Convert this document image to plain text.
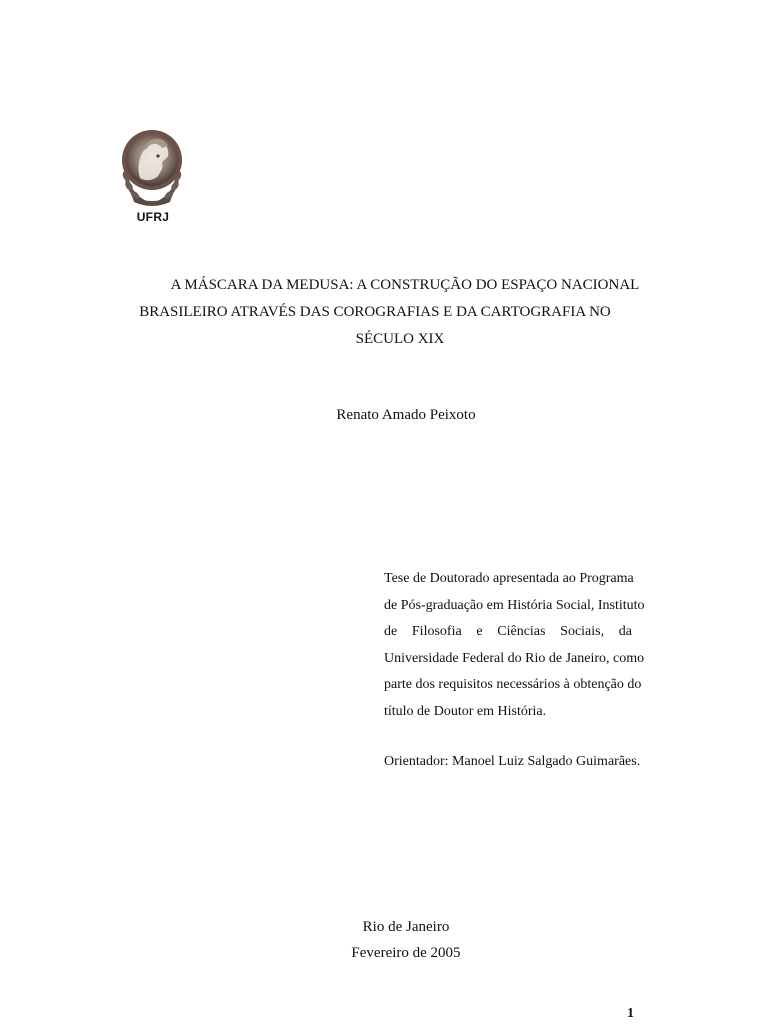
UFRJ
A MÁSCARA DA MEDUSA: A CONSTRUÇÃO DO ESPAÇO NACIONAL
BRASILEIRO ATRAVÉS DAS COROGRAFIAS E DA CARTOGRAFIA NO
SÉCULO XIX
Renato Amado Peixoto
Tese de Doutorado apresentada ao Programa
de Pós-graduação em História Social, Instituto
de Filosofia e Ciências Sociais, da
Universidade Federal do Rio de Janeiro, como
parte dos requisitos necessários à obtenção do
título de Doutor em História.
Orientador: Manoel Luiz Salgado Guimarães.
Rio de Janeiro
Fevereiro de 2005
1
